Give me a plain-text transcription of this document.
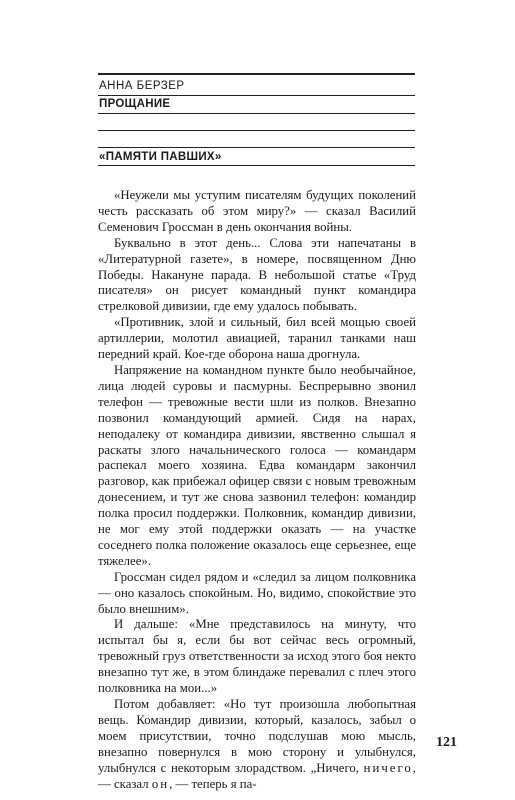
АННА БЕРЗЕР
ПРОЩАНИЕ
«ПАМЯТИ ПАВШИХ»

«Неужели мы уступим писателям будущих поколений честь рассказать об этом миру?» — сказал Василий Семенович Гроссман в день окончания войны.

Буквально в этот день... Слова эти напечатаны в «Литературной газете», в номере, посвященном Дню Победы. Накануне парада. В небольшой статье «Труд писателя» он рисует командный пункт командира стрелковой дивизии, где ему удалось побывать.

«Противник, злой и сильный, бил всей мощью своей артиллерии, молотил авиацией, таранил танками наш передний край. Кое-где оборона наша дрогнула.

Напряжение на командном пункте было необычайное, лица людей суровы и пасмурны. Беспрерывно звонил телефон — тревожные вести шли из полков. Внезапно позвонил командующий армией. Сидя на нарах, неподалеку от командира дивизии, явственно слышал я раскаты злого начальнического голоса — командарм распекал моего хозяина. Едва командарм закончил разговор, как прибежал офицер связи с новым тревожным донесением, и тут же снова зазвонил телефон: командир полка просил поддержки. Полковник, командир дивизии, не мог ему этой поддержки оказать — на участке соседнего полка положение оказалось еще серьезнее, еще тяжелее».

Гроссман сидел рядом и «следил за лицом полковника — оно казалось спокойным. Но, видимо, спокойствие это было внешним».

И дальше: «Мне представилось на минуту, что испытал бы я, если бы вот сейчас весь огромный, тревожный груз ответственности за исход этого боя некто внезапно тут же, в этом блиндаже перевалил с плеч этого полковника на мои...»

Потом добавляет: «Но тут произошла любопытная вещь. Командир дивизии, который, казалось, забыл о моем присутствии, точно подслушав мою мысль, внезапно повернулся в мою сторону и улыбнулся, улыбнулся с некоторым злорадством. „Ничего, ничего, — сказал он, — теперь я па-

121
